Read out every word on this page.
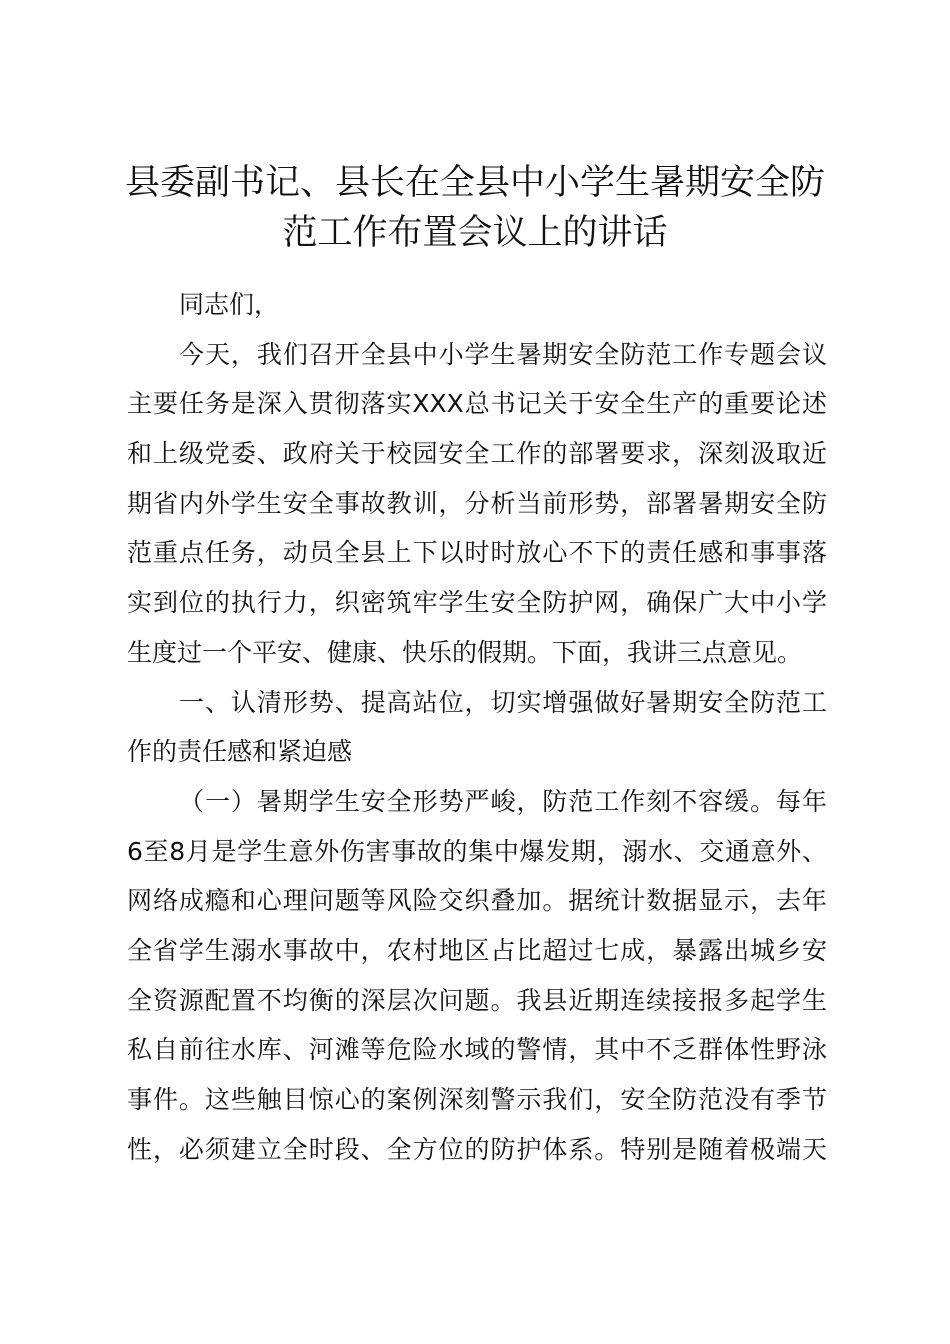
县委副书记、县长在全县中小学生暑期安全防
范工作布置会议上的讲话
同志们，
今天，我们召开全县中小学生暑期安全防范工作专题会议
主要任务是深入贯彻落实XXX总书记关于安全生产的重要论述
和上级党委、政府关于校园安全工作的部署要求，深刻汲取近
期省内外学生安全事故教训，分析当前形势，部署暑期安全防
范重点任务，动员全县上下以时时放心不下的责任感和事事落
实到位的执行力，织密筑牢学生安全防护网，确保广大中小学
生度过一个平安、健康、快乐的假期。下面，我讲三点意见。
一、认清形势、提高站位，切实增强做好暑期安全防范工
作的责任感和紧迫感
（一）暑期学生安全形势严峻，防范工作刻不容缓。每年
6至8月是学生意外伤害事故的集中爆发期，溺水、交通意外、
网络成瘾和心理问题等风险交织叠加。据统计数据显示，去年
全省学生溺水事故中，农村地区占比超过七成，暴露出城乡安
全资源配置不均衡的深层次问题。我县近期连续接报多起学生
私自前往水库、河滩等危险水域的警情，其中不乏群体性野泳
事件。这些触目惊心的案例深刻警示我们，安全防范没有季节
性，必须建立全时段、全方位的防护体系。特别是随着极端天
